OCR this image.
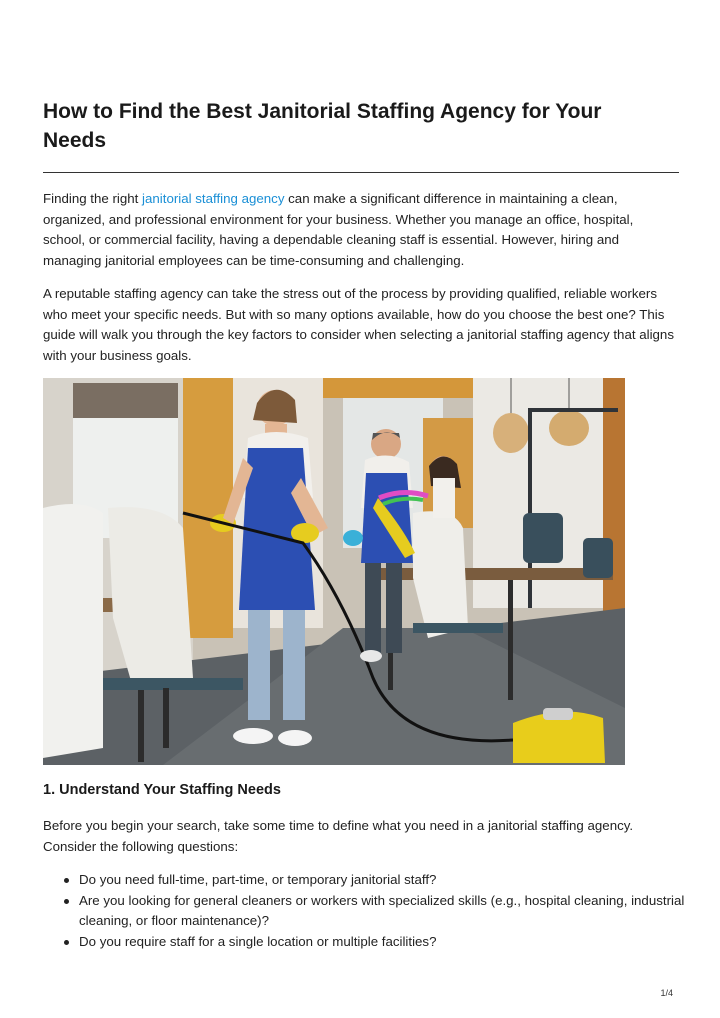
How to Find the Best Janitorial Staffing Agency for Your Needs

Finding the right janitorial staffing agency can make a significant difference in maintaining a clean, organized, and professional environment for your business. Whether you manage an office, hospital, school, or commercial facility, having a dependable cleaning staff is essential. However, hiring and managing janitorial employees can be time-consuming and challenging.

A reputable staffing agency can take the stress out of the process by providing qualified, reliable workers who meet your specific needs. But with so many options available, how do you choose the best one? This guide will walk you through the key factors to consider when selecting a janitorial staffing agency that aligns with your business goals.

1. Understand Your Staffing Needs

Before you begin your search, take some time to define what you need in a janitorial staffing agency. Consider the following questions:

Do you need full-time, part-time, or temporary janitorial staff?
Are you looking for general cleaners or workers with specialized skills (e.g., hospital cleaning, industrial cleaning, or floor maintenance)?
Do you require staff for a single location or multiple facilities?
1/4
